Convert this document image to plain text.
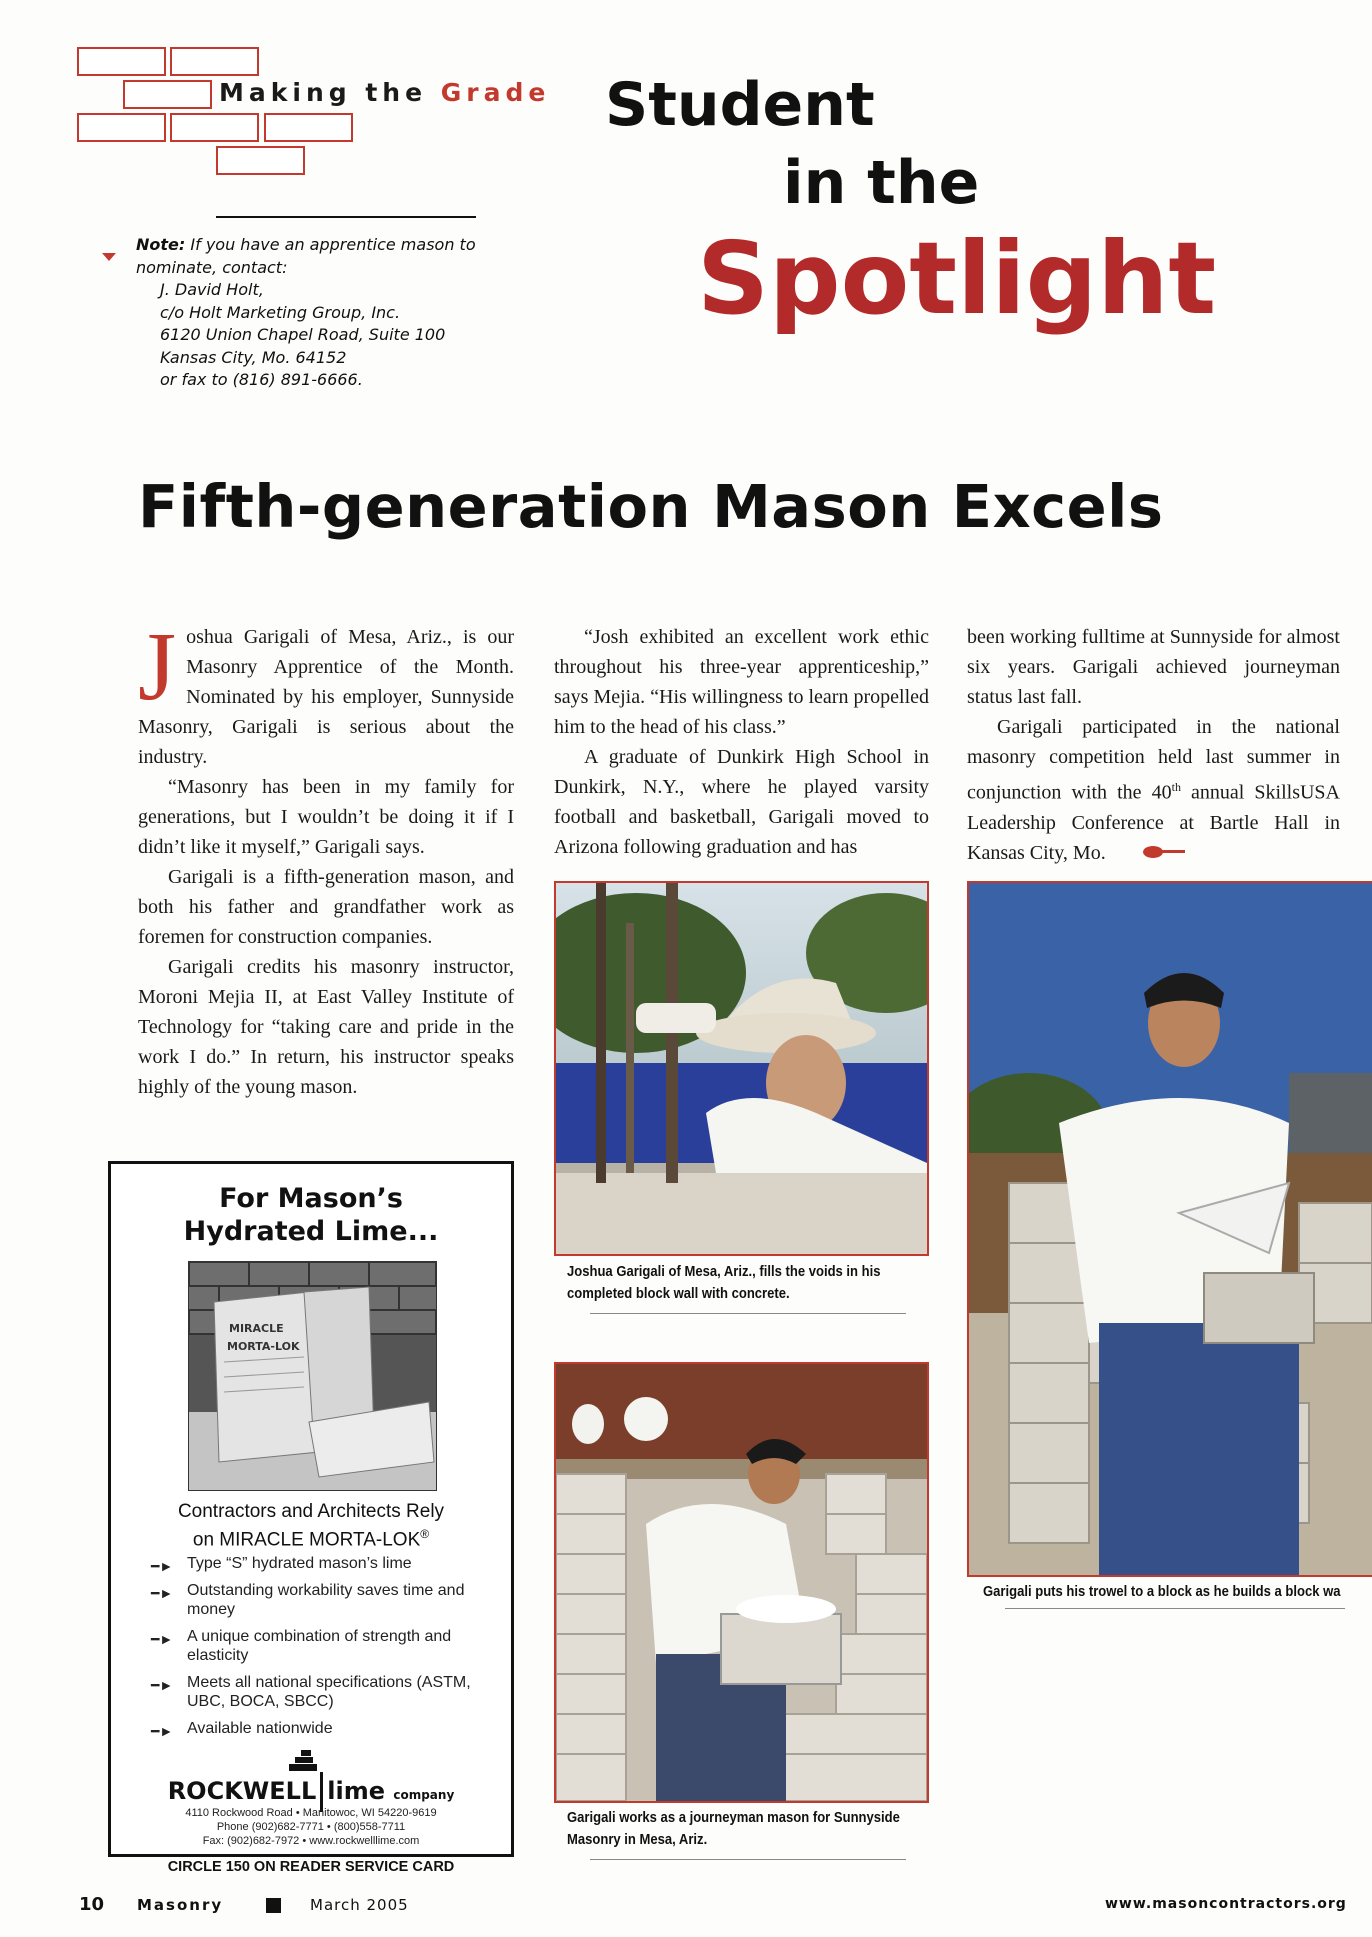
Making the Grade Student
in the
Spotlight
Note: If you have an apprentice mason to
nominate, contact:
J. David Holt,
c/o Holt Marketing Group, Inc.
6120 Union Chapel Road, Suite 100
Kansas City, Mo. 64152
or fax to (816) 891-6666.
Fifth-generation Mason Excels

Joshua Garigali of Mesa, Ariz., is our Masonry Apprentice of the Month. Nominated by his employer, Sunnyside Masonry, Garigali is serious about the industry.

“Masonry has been in my family for generations, but I wouldn’t be doing it if I didn’t like it myself,” Garigali says.

Garigali is a fifth-generation mason, and both his father and grandfather work as foremen for construction companies.

Garigali credits his masonry instructor, Moroni Mejia II, at East Valley Institute of Technology for “taking care and pride in the work I do.” In return, his instructor speaks highly of the young mason.

“Josh exhibited an excellent work ethic throughout his three-year apprenticeship,” says Mejia. “His willingness to learn propelled him to the head of his class.”

A graduate of Dunkirk High School in Dunkirk, N.Y., where he played varsity football and basketball, Garigali moved to Arizona following graduation and has

been working fulltime at Sunnyside for almost six years. Garigali achieved journeyman status last fall.

Garigali participated in the national masonry competition held last summer in conjunction with the 40th annual SkillsUSA Leadership Conference at Bartle Hall in Kansas City, Mo.

Joshua Garigali of Mesa, Ariz., fills the voids in his completed block wall with concrete.
Garigali works as a journeyman mason for Sunnyside Masonry in Mesa, Ariz.
Garigali puts his trowel to a block as he builds a block wa
For Mason’s
Hydrated Lime...
MIRACLE
MORTA-LOK
Contractors and Architects Rely
on MIRACLE MORTA-LOK®
━► Type “S” hydrated mason’s lime
━► Outstanding workability saves time and money
━► A unique combination of strength and elasticity
━► Meets all national specifications (ASTM, UBC, BOCA, SBCC)
━► Available nationwide
ROCKWELL lime company
4110 Rockwood Road • Manitowoc, WI 54220-9619
Phone (902)682-7771 • (800)558-7711
Fax: (902)682-7972 • www.rockwelllime.com
CIRCLE 150 ON READER SERVICE CARD
10 Masonry	March 2005	www.masoncontractors.org
